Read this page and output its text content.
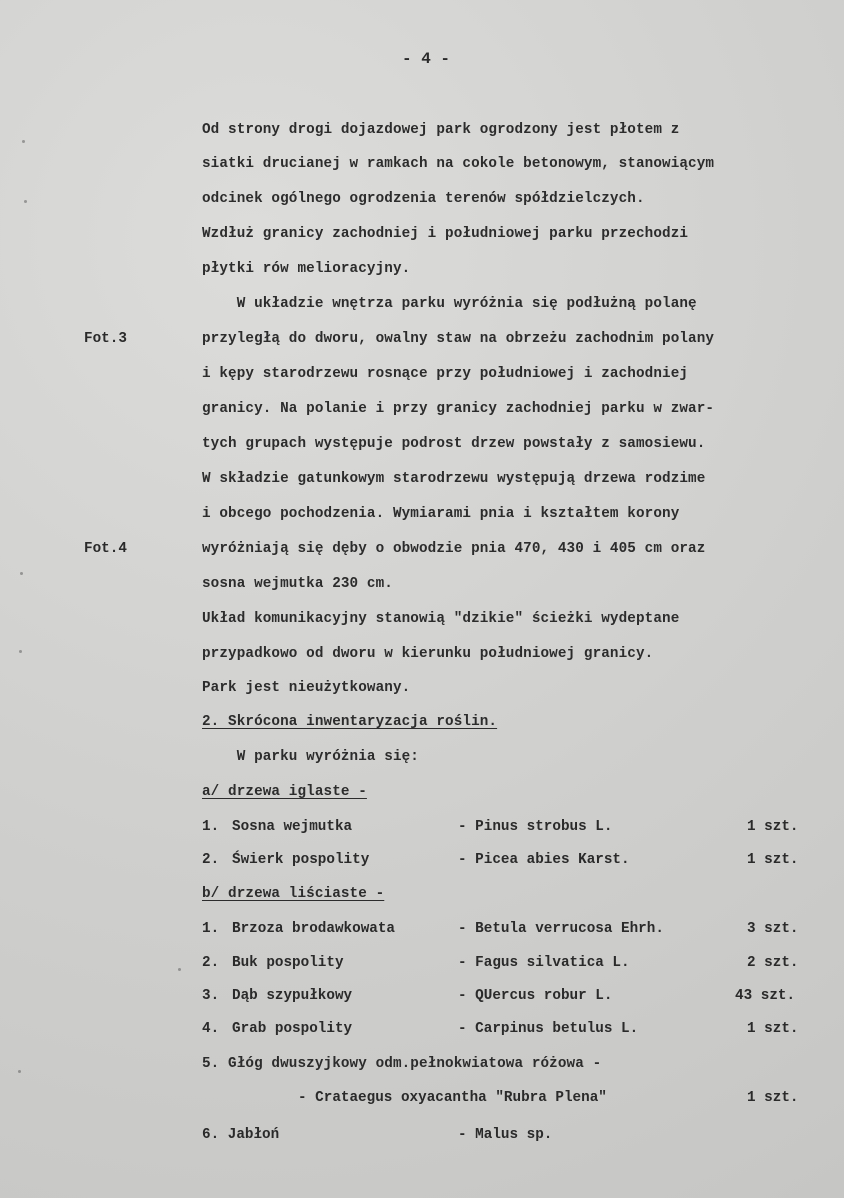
- 4 -
Fot.3
Fot.4
Od strony drogi dojazdowej park ogrodzony jest płotem z
siatki drucianej w ramkach na cokole betonowym, stanowiącym
odcinek ogólnego ogrodzenia terenów spółdzielczych.
Wzdłuż granicy zachodniej i południowej parku przechodzi
płytki rów melioracyjny.
W układzie wnętrza parku wyróżnia się podłużną polanę
przyległą do dworu, owalny staw na obrzeżu zachodnim polany
i kępy starodrzewu rosnące przy południowej i zachodniej
granicy. Na polanie i przy granicy zachodniej parku w zwar-
tych grupach występuje podrost drzew powstały z samosiewu.
W składzie gatunkowym starodrzewu występują drzewa rodzime
i obcego pochodzenia. Wymiarami pnia i kształtem korony
wyróżniają się dęby o obwodzie pnia 470, 430 i 405 cm oraz
sosna wejmutka 230 cm.
Układ komunikacyjny stanowią "dzikie" ścieżki wydeptane
przypadkowo od dworu w kierunku południowej granicy.
Park jest nieużytkowany.
2. Skrócona inwentaryzacja roślin.
W parku wyróżnia się:
a/ drzewa iglaste -
1. Sosna wejmutka	- Pinus strobus L.	1 szt.
2. Świerk pospolity	- Picea abies Karst.	1 szt.
b/ drzewa liściaste -
1. Brzoza brodawkowata	- Betula verrucosa Ehrh.	3 szt.
2. Buk pospolity	- Fagus silvatica L.	2 szt.
3. Dąb szypułkowy	- QUercus robur L.	43 szt.
4. Grab pospolity	- Carpinus betulus L.	1 szt.
5. Głóg dwuszyjkowy odm.pełnokwiatowa różowa -
- Crataegus oxyacantha "Rubra Plena"	1 szt.
6. Jabłoń	- Malus sp.
